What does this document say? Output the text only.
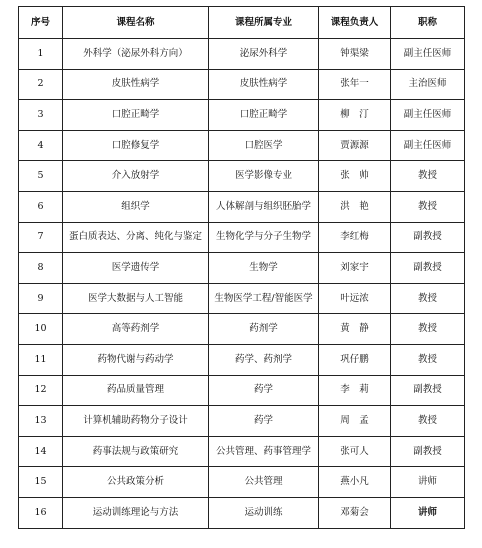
序号	课程名称	课程所属专业	课程负责人	职称
1	外科学（泌尿外科方向）	泌尿外科学	钟渠梁	副主任医师
2	皮肤性病学	皮肤性病学	张年一	主治医师
3	口腔正畸学	口腔正畸学	柳　汀	副主任医师
4	口腔修复学	口腔医学	贾源源	副主任医师
5	介入放射学	医学影像专业	张　帅	教授
6	组织学	人体解剖与组织胚胎学	洪　艳	教授
7	蛋白质表达、分离、纯化与鉴定	生物化学与分子生物学	李红梅	副教授
8	医学遗传学	生物学	刘家宇	副教授
9	医学大数据与人工智能	生物医学工程/智能医学	叶远浓	教授
10	高等药剂学	药剂学	黄　静	教授
11	药物代谢与药动学	药学、药剂学	巩仔鹏	教授
12	药品质量管理	药学	李　莉	副教授
13	计算机辅助药物分子设计	药学	周　孟	教授
14	药事法规与政策研究	公共管理、药事管理学	张可人	副教授
15	公共政策分析	公共管理	燕小凡	讲师
16	运动训练理论与方法	运动训练	邓菊会	讲师
